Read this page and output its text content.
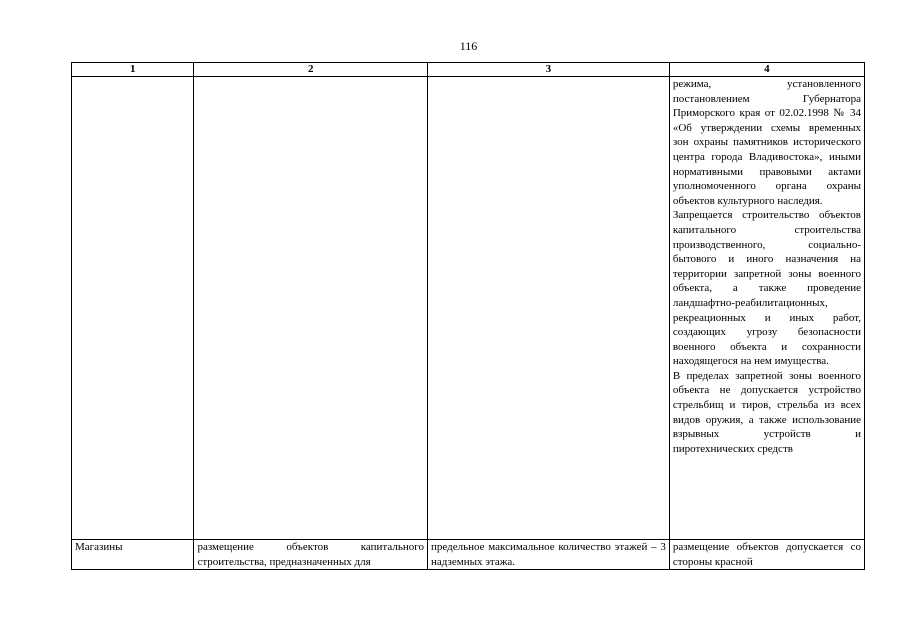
116
1	2	3	4

			режима, установленного постановлением Губернатора Приморского края от 02.02.1998 № 34 «Об утверждении схемы временных зон охраны памятников исторического центра города Владивостока», иными нормативными правовыми актами уполномоченного органа охраны объектов культурного наследия.
Запрещается строительство объектов капитального строительства производственного, социально-бытового и иного назначения на территории запретной зоны военного объекта, а также проведение ландшафтно-реабилитационных, рекреационных и иных работ, создающих угрозу безопасности военного объекта и сохранности находящегося на нем имущества.
В пределах запретной зоны военного объекта не допускается устройство стрельбищ и тиров, стрельба из всех видов оружия, а также использование взрывных устройств и пиротехнических средств

Магазины	размещение объектов капитального строительства, предназначенных для	предельное максимальное количество этажей – 3 надземных этажа.	размещение объектов допускается со стороны красной
